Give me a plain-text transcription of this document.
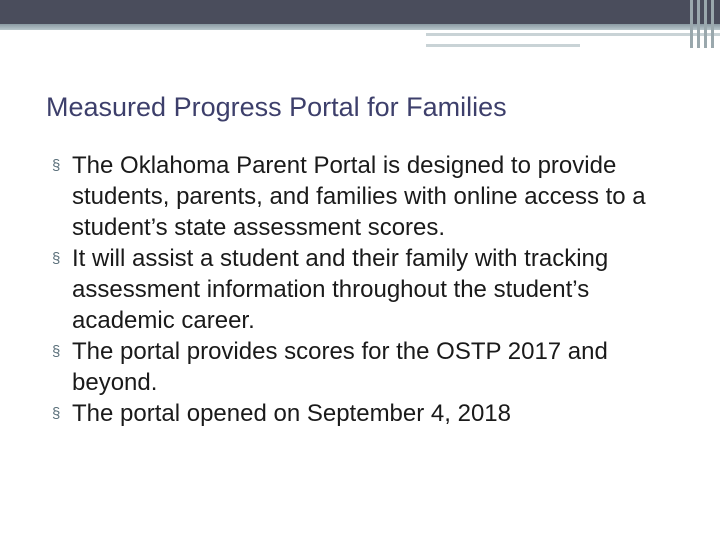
Measured Progress Portal for Families
§ The Oklahoma Parent Portal is designed to provide students, parents, and families with online access to a student’s state assessment scores.
§ It will assist a student and their family with tracking assessment information throughout the student’s academic career.
§ The portal provides scores for the OSTP 2017 and beyond.
§ The portal opened on September 4, 2018
